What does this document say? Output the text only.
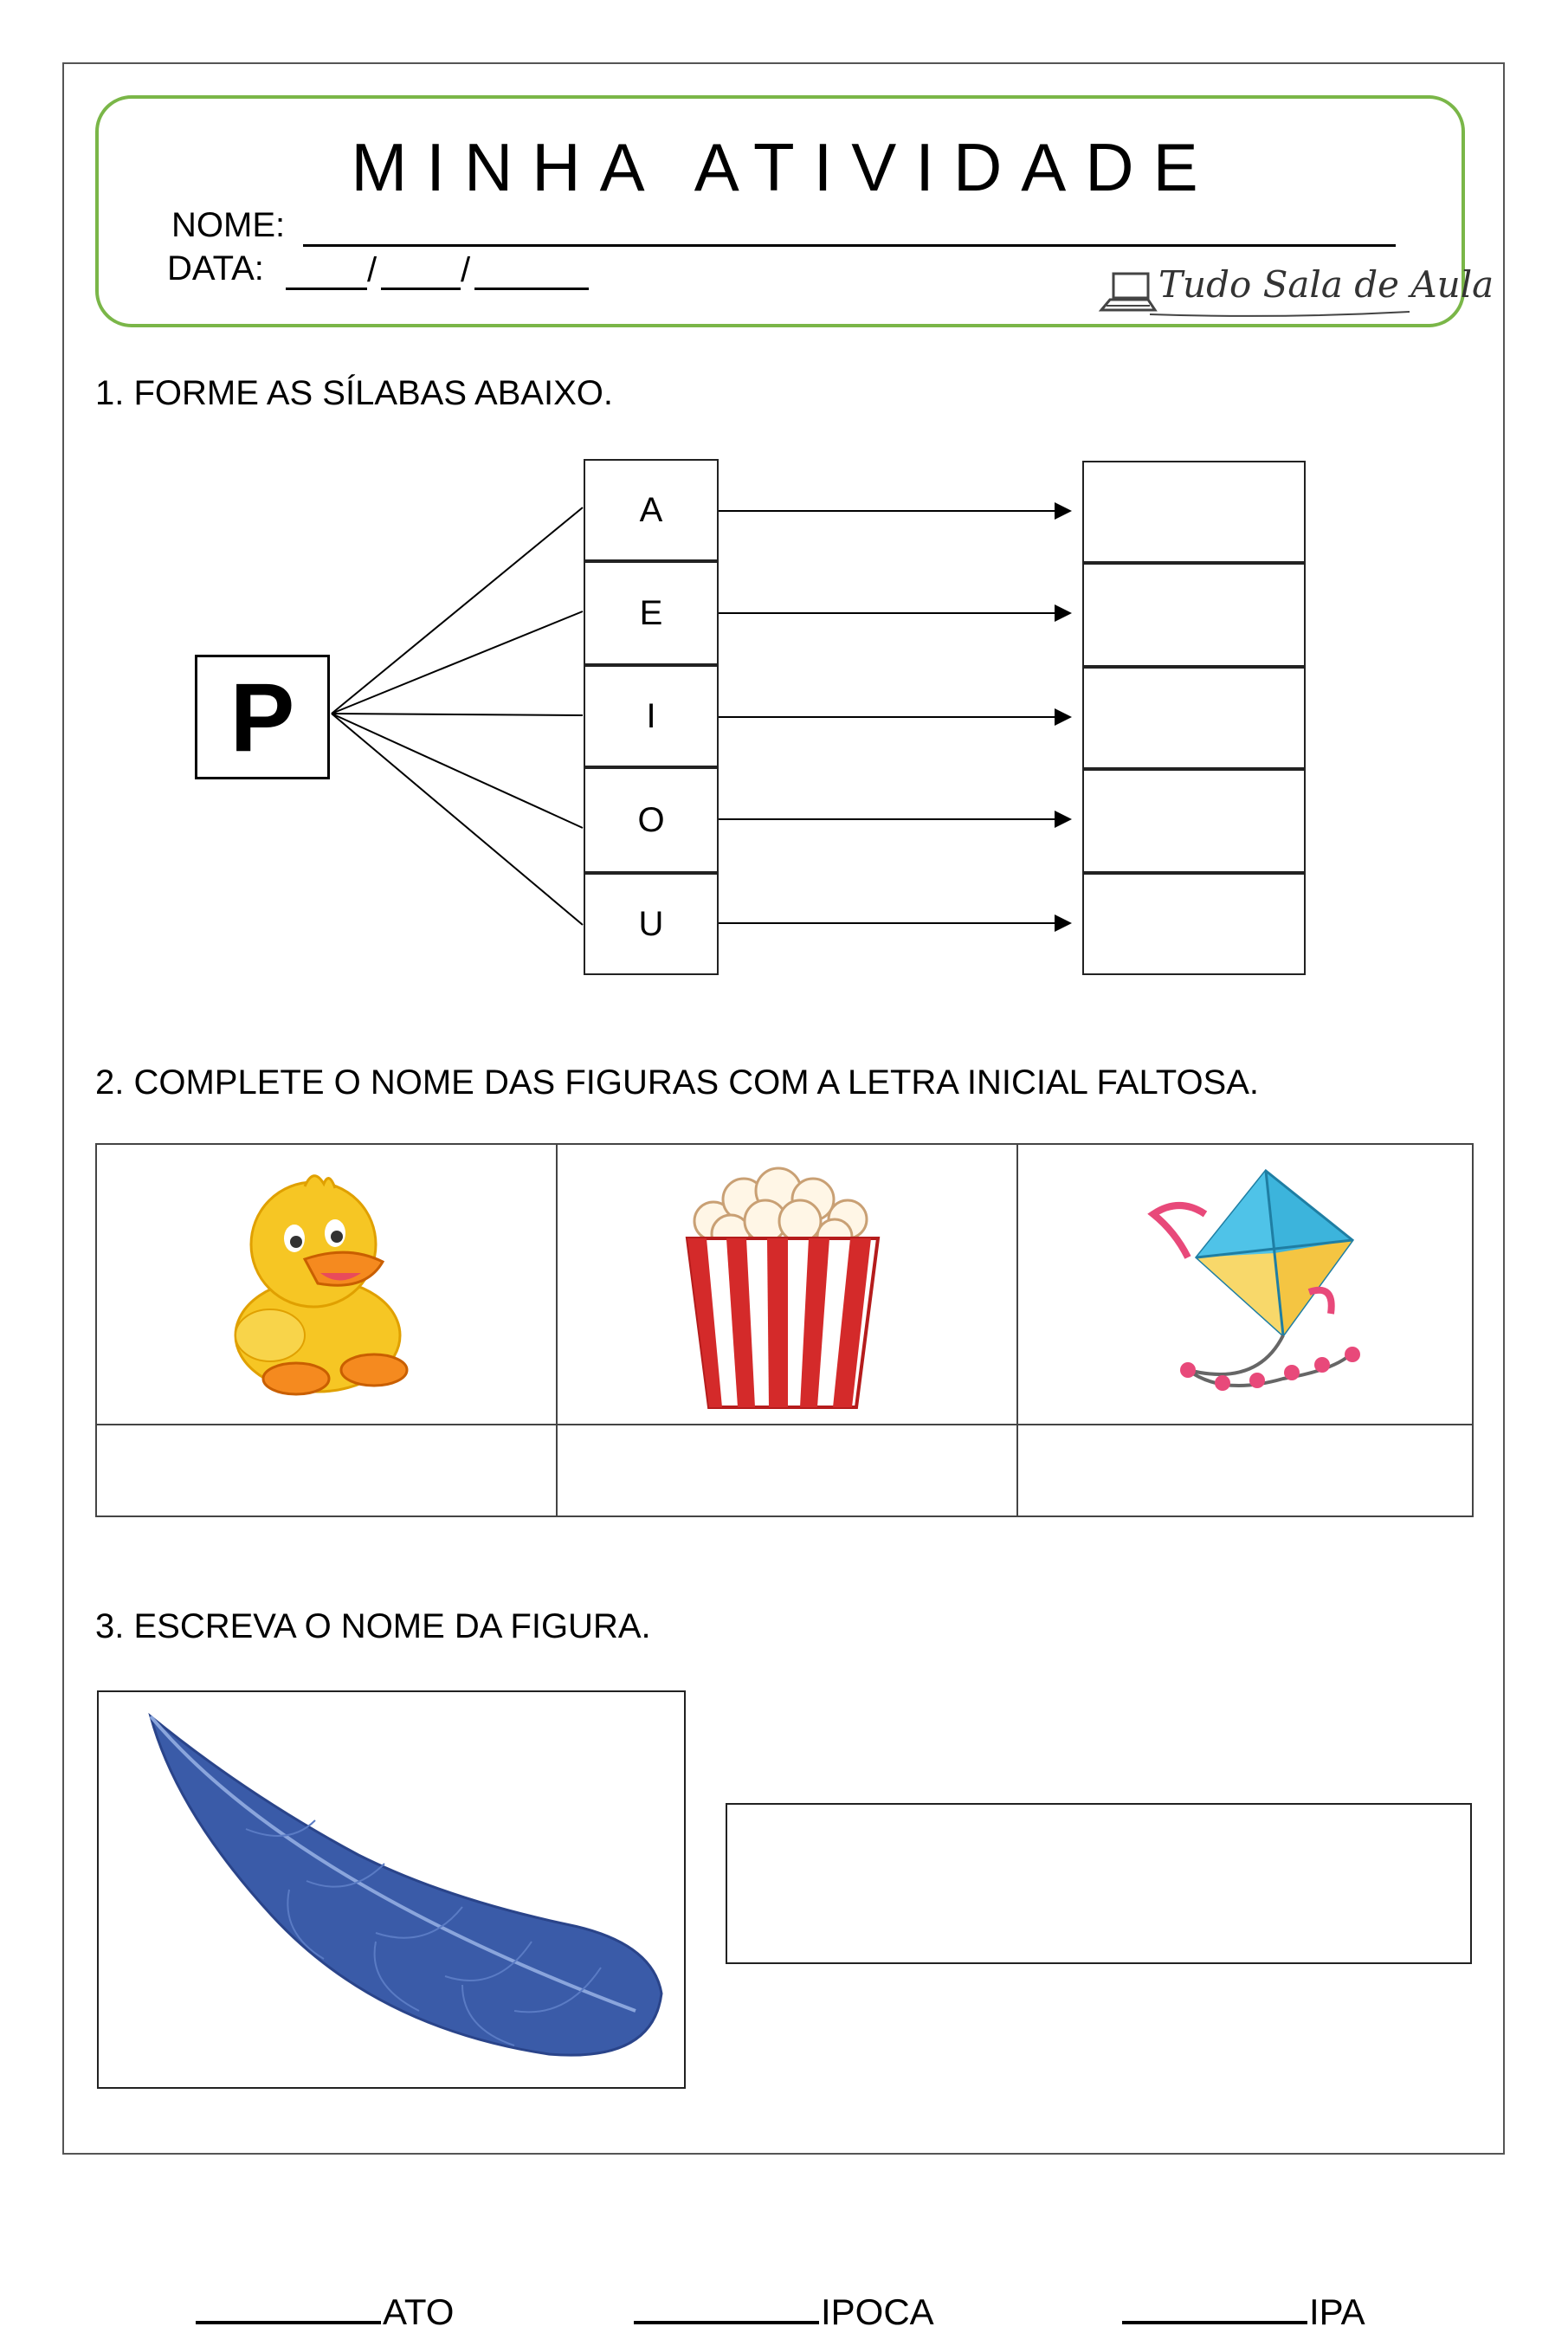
MINHA ATIVIDADE
NOME:
DATA:	/ /	Tudo Sala de Aula
1. FORME AS SÍLABAS ABAIXO.
P
A
E
I
O
U
2. COMPLETE O NOME DAS FIGURAS COM A LETRA INICIAL FALTOSA.
ATO	IPOCA	IPA
3. ESCREVA O NOME DA FIGURA.
